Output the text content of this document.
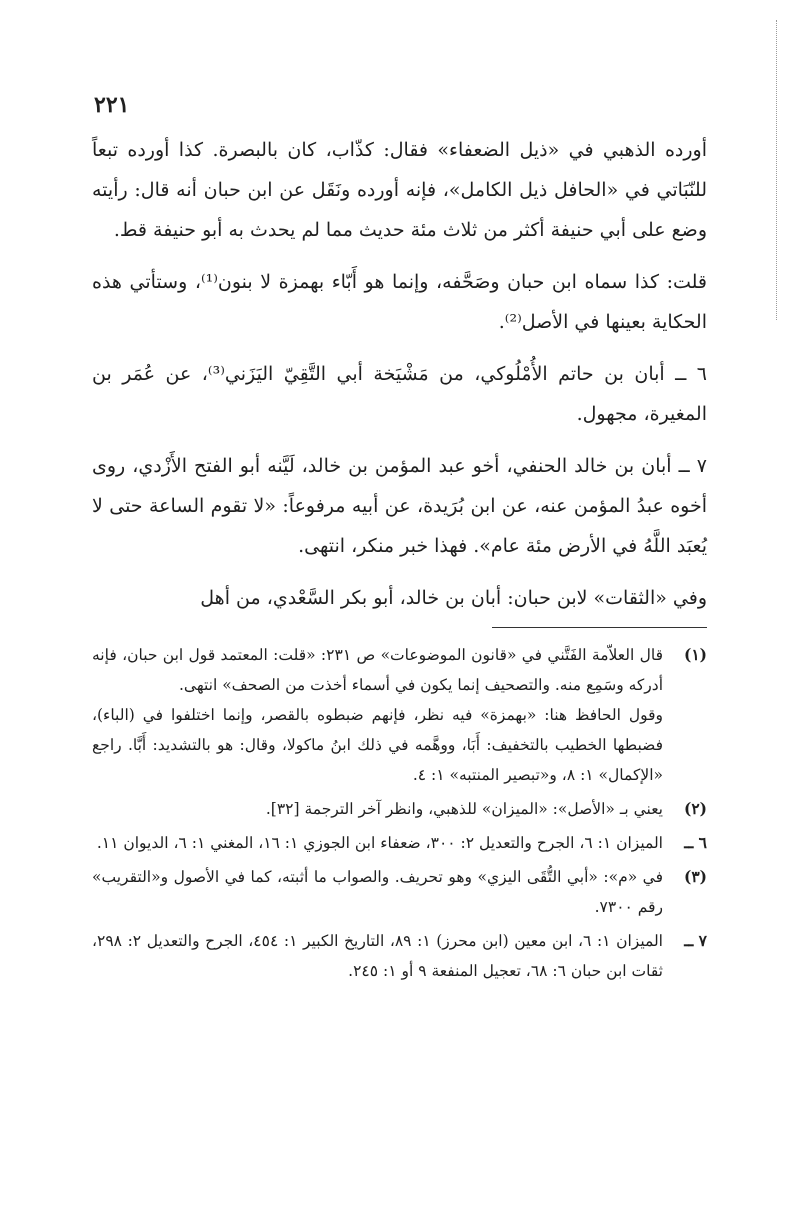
٢٢١

أورده الذهبي في «ذيل الضعفاء» فقال: كذّاب، كان بالبصرة. كذا أورده تبعاً للنّبَاتي في «الحافل ذيل الكامل»، فإنه أورده ونَقَل عن ابن حبان أنه قال: رأيته وضع على أبي حنيفة أكثر من ثلاث مئة حديث مما لم يحدث به أبو حنيفة قط.

قلت: كذا سماه ابن حبان وصَحَّفه، وإنما هو أَبّاء بهمزة لا بنون⁽¹⁾، وستأتي هذه الحكاية بعينها في الأصل⁽²⁾.

٦ ــ أبان بن حاتم الأُمْلُوكي، من مَشْيَخة أبي التَّقِيّ اليَزَني⁽³⁾، عن عُمَر بن المغيرة، مجهول.

٧ ــ أبان بن خالد الحنفي، أخو عبد المؤمن بن خالد، لَيَّنه أبو الفتح الأَزْدي، روى أخوه عبدُ المؤمن عنه، عن ابن بُرَيدة، عن أبيه مرفوعاً: «لا تقوم الساعة حتى لا يُعبَد اللَّهُ في الأرض مئة عام». فهذا خبر منكر، انتهى.

وفي «الثقات» لابن حبان: أبان بن خالد، أبو بكر السَّعْدي، من أهل

(١)
قال العلاّمة الفَتَّني في «قانون الموضوعات» ص ٢٣١: «قلت: المعتمد قول ابن حبان، فإنه أدركه وسَمِع منه. والتصحيف إنما يكون في أسماء أخذت من الصحف» انتهى.
وقول الحافظ هنا: «بهمزة» فيه نظر، فإنهم ضبطوه بالقصر، وإنما اختلفوا في (الباء)، فضبطها الخطيب بالتخفيف: أَبَا، ووهَّمه في ذلك ابنُ ماكولا، وقال: هو بالتشديد: أَبَّا. راجع «الإكمال» ١: ٨، و«تبصير المنتبه» ١: ٤.
(٢)
يعني بـ «الأصل»: «الميزان» للذهبي، وانظر آخر الترجمة [٣٢].
٦ ــ
الميزان ١: ٦، الجرح والتعديل ٢: ٣٠٠، ضعفاء ابن الجوزي ١: ١٦، المغني ١: ٦، الديوان ١١.
(٣)
في «م»: «أبي التُّقَى اليزي» وهو تحريف. والصواب ما أثبته، كما في الأصول و«التقريب» رقم ٧٣٠٠.
٧ ــ
الميزان ١: ٦، ابن معين (ابن محرز) ١: ٨٩، التاريخ الكبير ١: ٤٥٤، الجرح والتعديل ٢: ٢٩٨، ثقات ابن حبان ٦: ٦٨، تعجيل المنفعة ٩ أو ١: ٢٤٥.
